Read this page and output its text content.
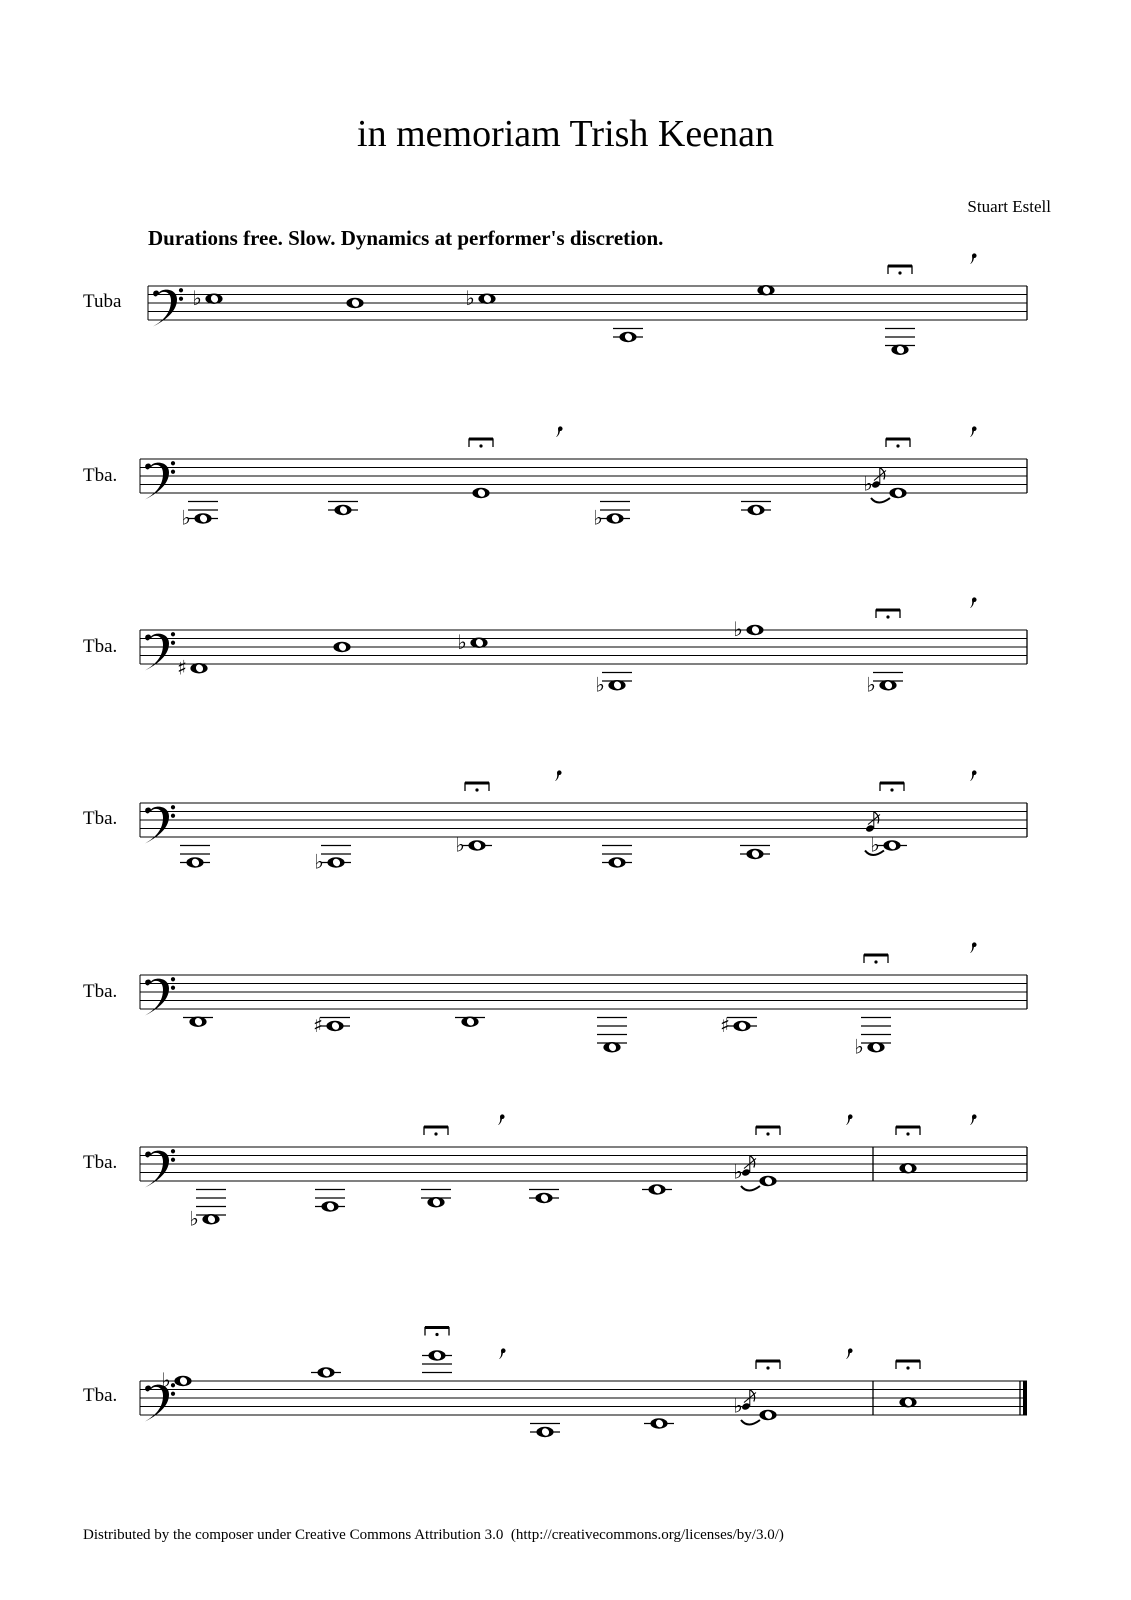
in memoriam Trish Keenan
Stuart Estell
Durations free. Slow. Dynamics at performer's discretion.
Tuba
Tba.
Tba.
Tba.
Tba.
Tba.
Tba.
♭	♭
♭	♭
♭
♯
♭
♭
♭
♭
♭
♭	♭
♯	♯
♭
♭
♭
♭
♭
Distributed by the composer under Creative Commons Attribution 3.0  (http://creativecommons.org/licenses/by/3.0/)
